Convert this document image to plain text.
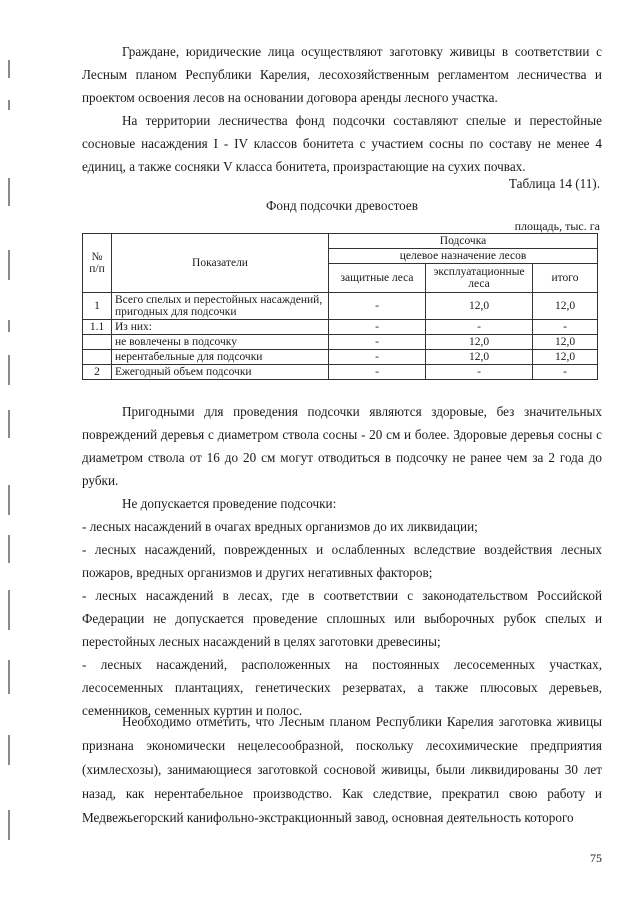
Граждане, юридические лица осуществляют заготовку живицы в соответствии с Лесным планом Республики Карелия, лесохозяйственным регламентом лесничества и проектом освоения лесов на основании договора аренды лесного участка.

На территории лесничества фонд подсочки составляют спелые и перестойные сосновые насаждения I - IV классов бонитета с участием сосны по составу не менее 4 единиц, а также сосняки V класса бонитета, произрастающие на сухих почвах.

Таблица 14 (11).
Фонд подсочки древостоев
площадь, тыс. га
№ п/п	Показатели	Подсочка		
		целевое назначение лесов		
		защитные леса	эксплуатационные леса	итого
1	Всего спелых и перестойных насаждений, пригодных для подсочки	-	12,0	12,0
1.1	Из них:	-	-	-
	не вовлечены в подсочку	-	12,0	12,0
	нерентабельные для подсочки	-	12,0	12,0
2	Ежегодный объем подсочки	-	-	-

Пригодными для проведения подсочки являются здоровые, без значительных повреждений деревья с диаметром ствола сосны - 20 см и более. Здоровые деревья сосны с диаметром ствола от 16 до 20 см могут отводиться в подсочку не ранее чем за 2 года до рубки.

Не допускается проведение подсочки:

- лесных насаждений в очагах вредных организмов до их ликвидации;

- лесных насаждений, поврежденных и ослабленных вследствие воздействия лесных пожаров, вредных организмов и других негативных факторов;

- лесных насаждений в лесах, где в соответствии с законодательством Российской Федерации не допускается проведение сплошных или выборочных рубок спелых и перестойных лесных насаждений в целях заготовки древесины;

- лесных насаждений, расположенных на постоянных лесосеменных участках, лесосеменных плантациях, генетических резерватах, а также плюсовых деревьев, семенников, семенных куртин и полос.

Необходимо отметить, что Лесным планом Республики Карелия заготовка живицы признана экономически нецелесообразной, поскольку лесохимические предприятия (химлесхозы), занимающиеся заготовкой сосновой живицы, были ликвидированы 30 лет назад, как нерентабельное производство. Как следствие, прекратил свою работу и Медвежьегорский канифольно-экстракционный завод, основная деятельность которого

75
